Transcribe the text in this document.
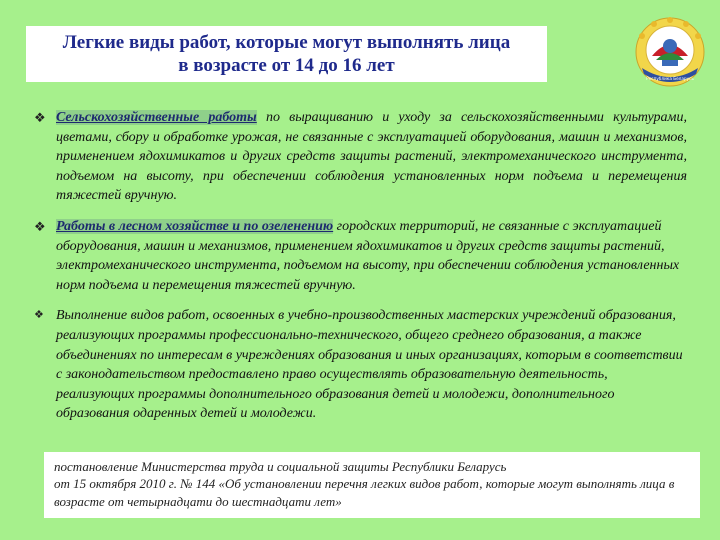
Легкие виды работ, которые могут выполнять лица
в возрасте от 14 до 16 лет
Республика Беларусь
❖ Сельскохозяйственные работы по выращиванию и уходу за сельскохозяйственными культурами, цветами, сбору и обработке урожая, не связанные с эксплуатацией оборудования, машин и механизмов, применением ядохимикатов и других средств защиты растений, электромеханического инструмента, подъемом на высоту, при обеспечении соблюдения установленных норм подъема и перемещения тяжестей вручную.
❖ Работы в лесном хозяйстве и по озеленению городских территорий, не связанные с эксплуатацией оборудования, машин и механизмов, применением ядохимикатов и других средств защиты растений, электромеханического инструмента, подъемом на высоту, при обеспечении соблюдения установленных норм подъема и перемещения тяжестей вручную.
❖ Выполнение видов работ, освоенных в учебно-производственных мастерских учреждений образования, реализующих программы профессионально-технического, общего среднего образования, а также объединениях по интересам в учреждениях образования и иных организациях, которым в соответствии с законодательством предоставлено право осуществлять образовательную деятельность, реализующих программы дополнительного образования детей и молодежи, дополнительного образования одаренных детей и молодежи.
постановление Министерства труда и социальной защиты Республики Беларусь
от 15 октября 2010 г. № 144 «Об установлении перечня легких видов работ, которые могут выполнять лица в возрасте от четырнадцати до шестнадцати лет»
